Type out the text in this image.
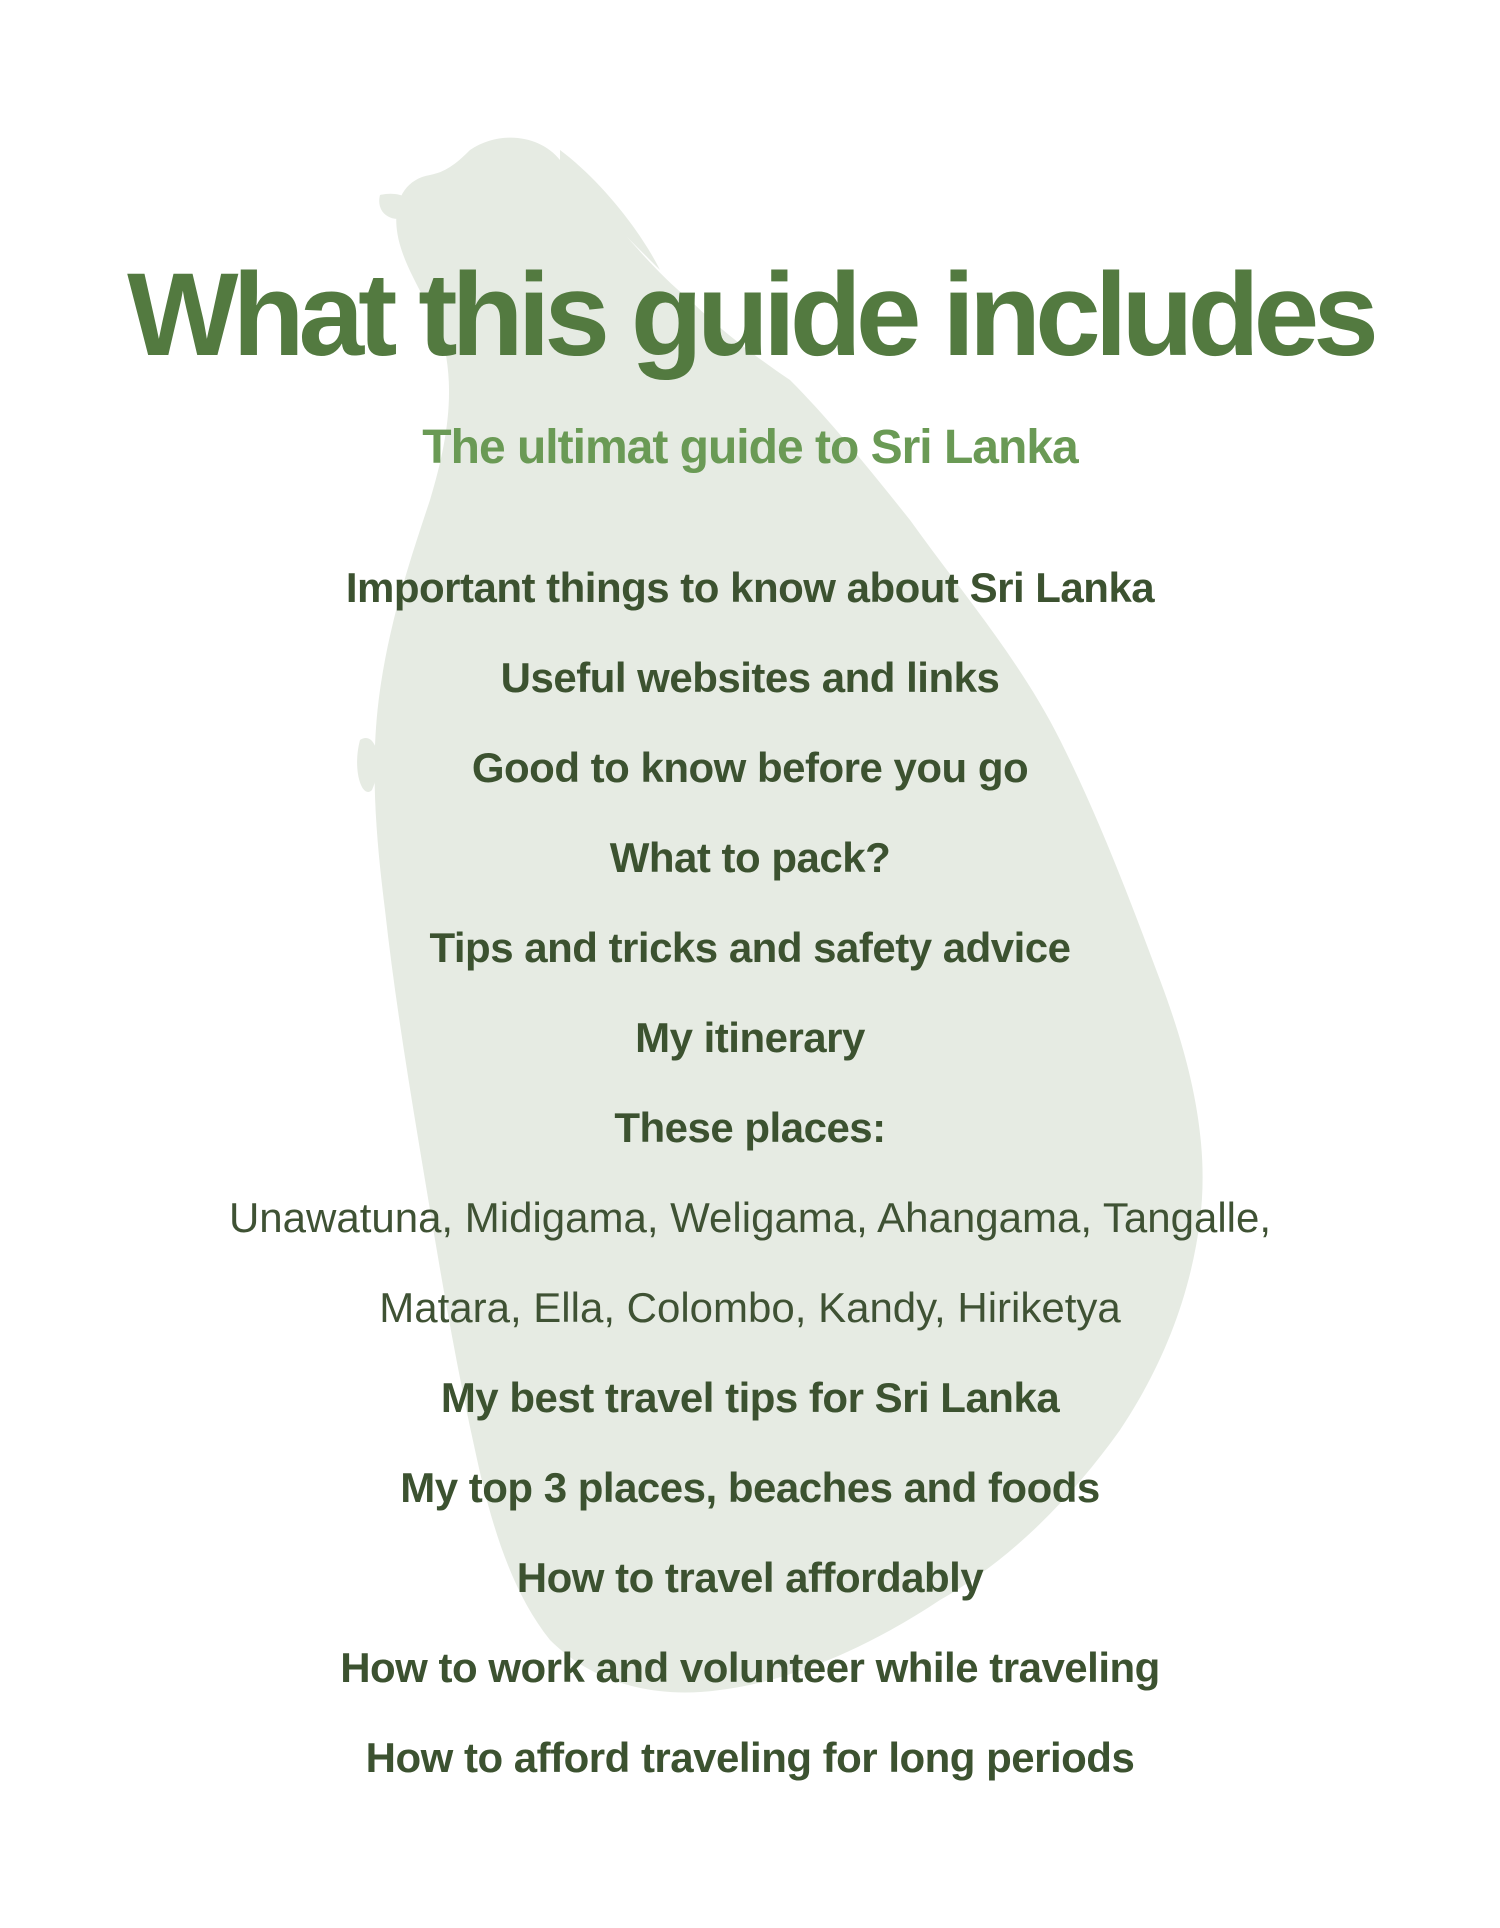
What this guide includes
The ultimat guide to Sri Lanka
Important things to know about Sri Lanka
Useful websites and links
Good to know before you go
What to pack?
Tips and tricks and safety advice
My itinerary
These places:
Unawatuna, Midigama, Weligama, Ahangama, Tangalle,
Matara, Ella, Colombo, Kandy, Hiriketya
My best travel tips for Sri Lanka
My top 3 places, beaches and foods
How to travel affordably
How to work and volunteer while traveling
How to afford traveling for long periods
